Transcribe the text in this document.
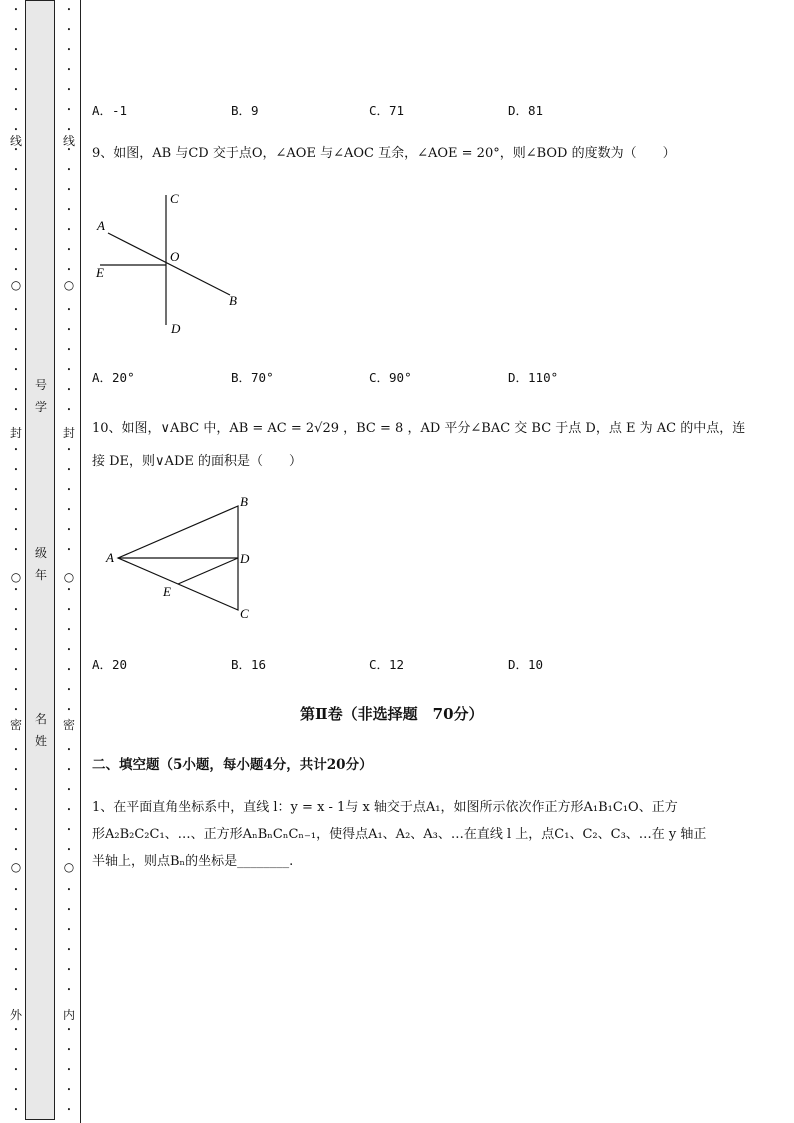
•
•
•
•
•
•
•
•
•
•
•
•
•
•
•
•
•
•
•
•
•
•
•
•
•
•
•
•
•
•
•
•
•
•
•
•
•
•
•
•
•
•
•
•
•
•
•
•
•
•
线
○
封
○
密
○
外
•
•
•
•
•
•
•
•
•
•
•
•
•
•
•
•
•
•
•
•
•
•
•
•
•
•
•
•
•
•
•
•
•
•
•
•
•
•
•
•
•
•
•
•
•
•
•
•
•
•
线
○
封
○
密
○
内
号
学
级
年
名
姓
A．-1	B．9	C．71	D．81
9、如图，AB 与CD 交于点O，∠AOE 与∠AOC 互余，∠AOE = 20°，则∠BOD 的度数为（　　）
C
A
O
E
B
D
A．20°	B．70°	C．90°	D．110°
10、如图，∨ABC 中，AB = AC = 2√29 ，BC = 8 ，AD 平分∠BAC 交 BC 于点 D，点 E 为 AC 的中点，连
接 DE，则∨ADE 的面积是（　　）
B
A	D
E
C
A．20	B．16	C．12	D．10
第Ⅱ卷（非选择题　70分）
二、填空题（5小题，每小题4分，共计20分）
1、在平面直角坐标系中，直线 l：y = x - 1与 x 轴交于点A₁，如图所示依次作正方形A₁B₁C₁O、正方
形A₂B₂C₂C₁、…、正方形AₙBₙCₙCₙ₋₁，使得点A₁、A₂、A₃、…在直线 l 上，点C₁、C₂、C₃、…在 y 轴正
半轴上，则点Bₙ的坐标是________.
